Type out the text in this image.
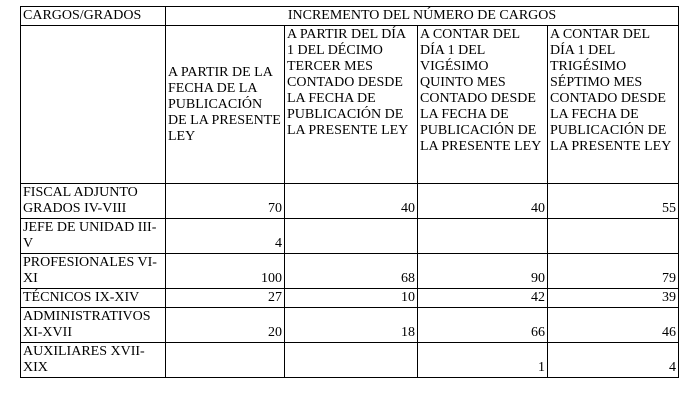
CARGOS/GRADOS	INCREMENTO DEL NÚMERO DE CARGOS			
	A PARTIR DE LA FECHA DE LA PUBLICACIÓN DE LA PRESENTE LEY	A PARTIR DEL DÍA 1 DEL DÉCIMO TERCER MES CONTADO DESDE LA FECHA DE PUBLICACIÓN DE LA PRESENTE LEY	A CONTAR DEL DÍA 1 DEL VIGÉSIMO QUINTO MES CONTADO DESDE LA FECHA DE PUBLICACIÓN DE LA PRESENTE LEY	A CONTAR DEL DÍA 1 DEL TRIGÉSIMO SÉPTIMO MES CONTADO DESDE LA FECHA DE PUBLICACIÓN DE LA PRESENTE LEY
FISCAL ADJUNTO GRADOS IV-VIII	70	40	40	55
JEFE DE UNIDAD III-V	4			
PROFESIONALES VI-XI	100	68	90	79
TÉCNICOS IX-XIV	27	10	42	39
ADMINISTRATIVOS XI-XVII	20	18	66	46
AUXILIARES XVII-XIX			1	4
